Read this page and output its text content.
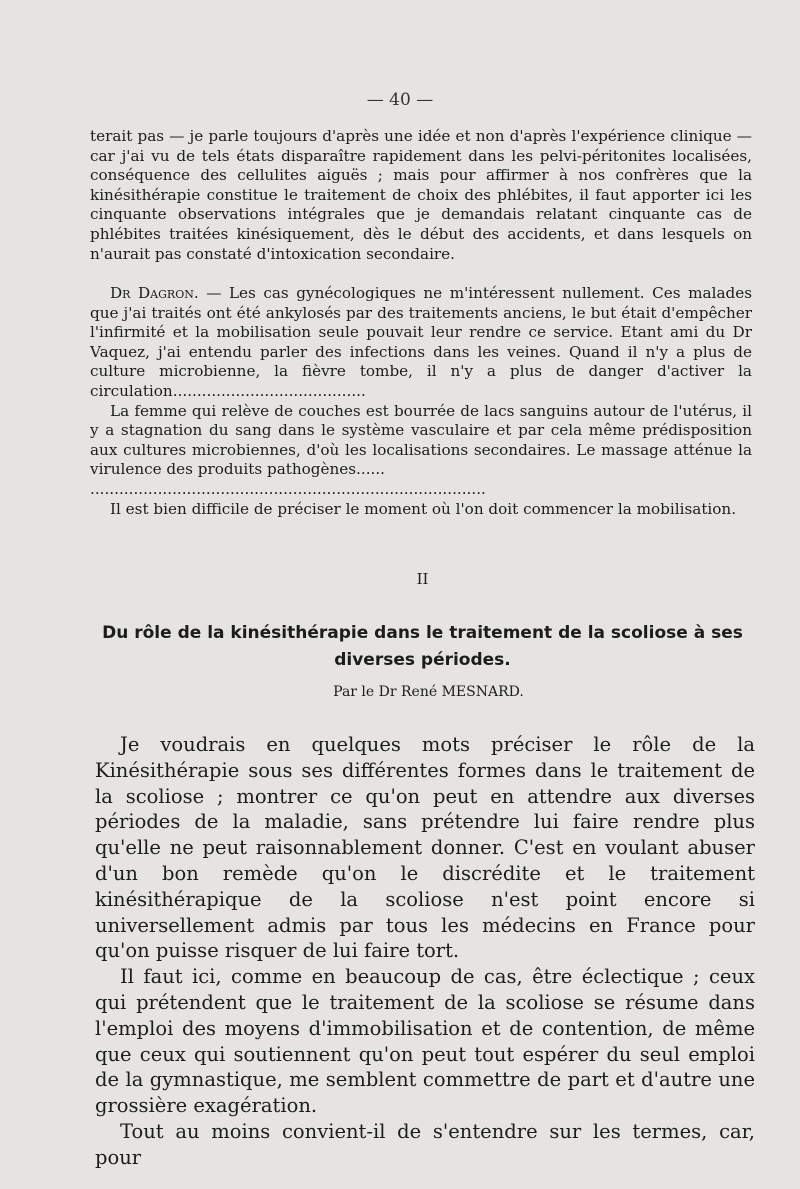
— 40 —

terait pas — je parle toujours d'après une idée et non d'après l'expérience clinique — car j'ai vu de tels états disparaître rapidement dans les pelvi-péritonites localisées, conséquence des cellulites aiguës ; mais pour affirmer à nos confrères que la kinésithérapie constitue le traitement de choix des phlébites, il faut apporter ici les cinquante observations intégrales que je demandais relatant cinquante cas de phlébites traitées kinésiquement, dès le début des accidents, et dans lesquels on n'aurait pas constaté d'intoxication secondaire.

Dr Dagron. — Les cas gynécologiques ne m'intéressent nullement. Ces malades que j'ai traités ont été ankylosés par des traitements anciens, le but était d'empêcher l'infirmité et la mobilisation seule pouvait leur rendre ce service. Etant ami du Dr Vaquez, j'ai entendu parler des infections dans les veines. Quand il n'y a plus de culture microbienne, la fièvre tombe, il n'y a plus de danger d'activer la circulation........................................

La femme qui relève de couches est bourrée de lacs sanguins autour de l'utérus, il y a stagnation du sang dans le système vasculaire et par cela même prédisposition aux cultures microbiennes, d'où les localisations secondaires. Le massage atténue la virulence des produits pathogènes......

..................................................................................

Il est bien difficile de préciser le moment où l'on doit commencer la mobilisation.

II
Du rôle de la kinésithérapie dans le traitement de la scoliose à ses diverses périodes.
Par le Dr René MESNARD.

Je voudrais en quelques mots préciser le rôle de la Kinésithérapie sous ses différentes formes dans le traitement de la scoliose ; montrer ce qu'on peut en attendre aux diverses périodes de la maladie, sans prétendre lui faire rendre plus qu'elle ne peut raisonnablement donner. C'est en voulant abuser d'un bon remède qu'on le discrédite et le traitement kinésithérapique de la scoliose n'est point encore si universellement admis par tous les médecins en France pour qu'on puisse risquer de lui faire tort.

Il faut ici, comme en beaucoup de cas, être éclectique ; ceux qui prétendent que le traitement de la scoliose se résume dans l'emploi des moyens d'immobilisation et de contention, de même que ceux qui soutiennent qu'on peut tout espérer du seul emploi de la gymnastique, me semblent commettre de part et d'autre une grossière exagération.

Tout au moins convient-il de s'entendre sur les termes, car, pour
